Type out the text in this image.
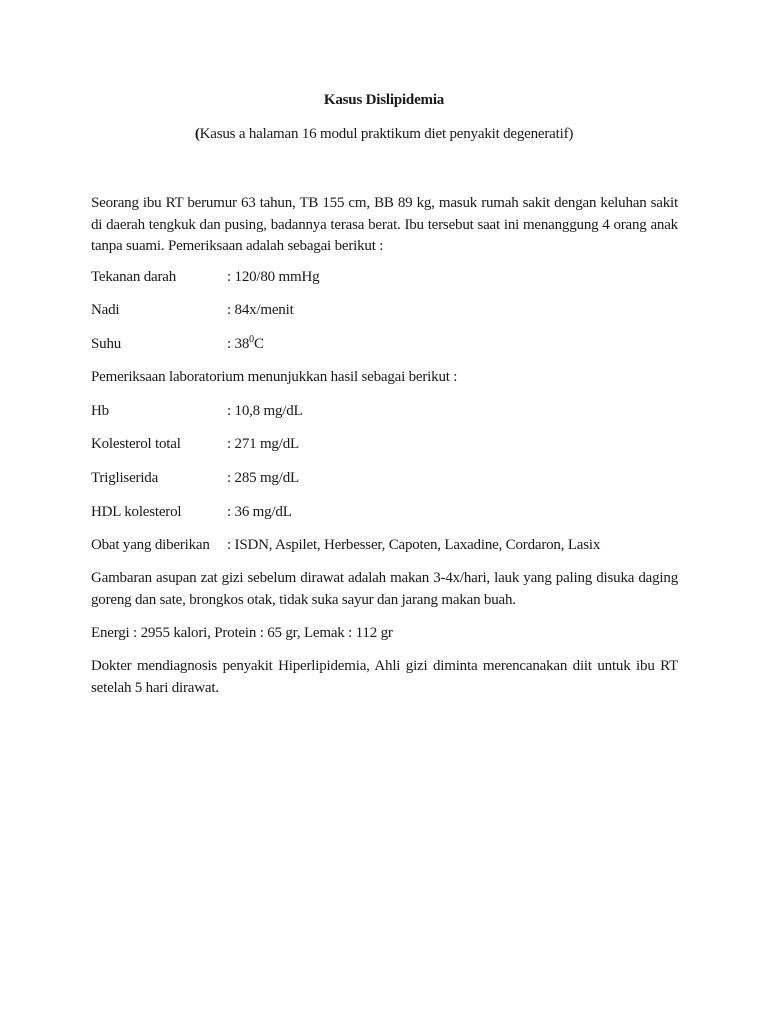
Kasus Dislipidemia
(Kasus a halaman 16 modul praktikum diet penyakit degeneratif)
Seorang ibu RT berumur 63 tahun, TB 155 cm, BB 89 kg, masuk rumah sakit dengan keluhan sakit di daerah tengkuk dan pusing, badannya terasa berat. Ibu tersebut saat ini menanggung 4 orang anak tanpa suami. Pemeriksaan adalah sebagai berikut :
Tekanan darah	: 120/80 mmHg
Nadi	: 84x/menit
Suhu	: $38^0C$
Pemeriksaan laboratorium menunjukkan hasil sebagai berikut :
Hb	: 10,8 mg/dL
Kolesterol total	: 271 mg/dL
Trigliserida	: 285 mg/dL
HDL kolesterol	: 36 mg/dL
Obat yang diberikan : ISDN, Aspilet, Herbesser, Capoten, Laxadine, Cordaron, Lasix
Gambaran asupan zat gizi sebelum dirawat adalah makan 3-4x/hari, lauk yang paling disuka daging goreng dan sate, brongkos otak, tidak suka sayur dan jarang makan buah.
Energi : 2955 kalori, Protein : 65 gr, Lemak : 112 gr
Dokter mendiagnosis penyakit Hiperlipidemia, Ahli gizi diminta merencanakan diit untuk ibu RT setelah 5 hari dirawat.
